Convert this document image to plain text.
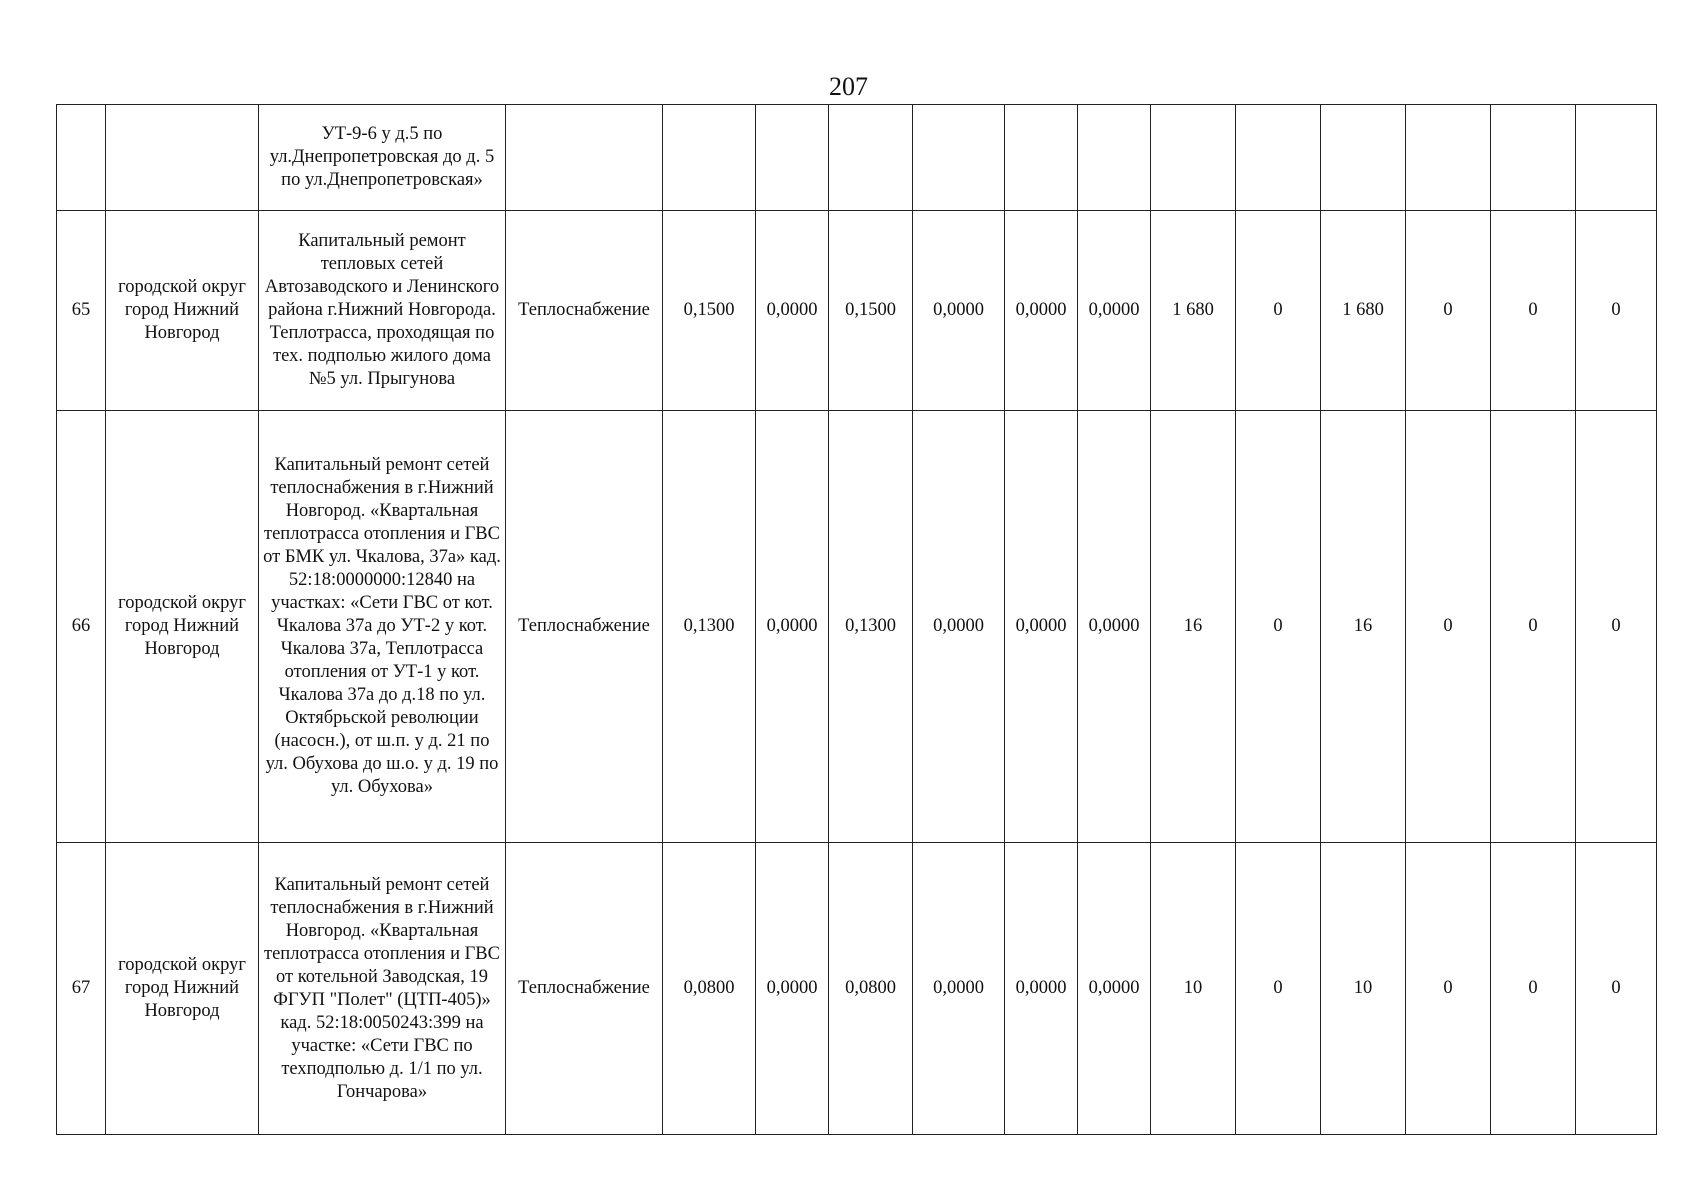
207
		УТ-9-6 у д.5 по ул.Днепропетровская до д. 5 по ул.Днепропетровская»													
65	городской округ город Нижний Новгород	Капитальный ремонт тепловых сетей Автозаводского и Ленинского района г.Нижний Новгорода. Теплотрасса, проходящая по тех. подполью жилого дома №5 ул. Прыгунова	Теплоснабжение	0,1500	0,0000	0,1500	0,0000	0,0000	0,0000	1 680	0	1 680	0	0	0
66	городской округ город Нижний Новгород	Капитальный ремонт сетей теплоснабжения в г.Нижний Новгород. «Квартальная теплотрасса отопления и ГВС от БМК ул. Чкалова, 37а» кад. 52:18:0000000:12840 на участках: «Сети ГВС от кот. Чкалова 37а до УТ-2 у кот. Чкалова 37а, Теплотрасса отопления от УТ-1 у кот. Чкалова 37а до д.18 по ул. Октябрьской революции (насосн.), от ш.п. у д. 21 по ул. Обухова до ш.о. у д. 19 по ул. Обухова»	Теплоснабжение	0,1300	0,0000	0,1300	0,0000	0,0000	0,0000	16	0	16	0	0	0
67	городской округ город Нижний Новгород	Капитальный ремонт сетей теплоснабжения в г.Нижний Новгород. «Квартальная теплотрасса отопления и ГВС от котельной Заводская, 19 ФГУП "Полет" (ЦТП-405)» кад. 52:18:0050243:399 на участке: «Сети ГВС по техподполью д. 1/1 по ул. Гончарова»	Теплоснабжение	0,0800	0,0000	0,0800	0,0000	0,0000	0,0000	10	0	10	0	0	0
